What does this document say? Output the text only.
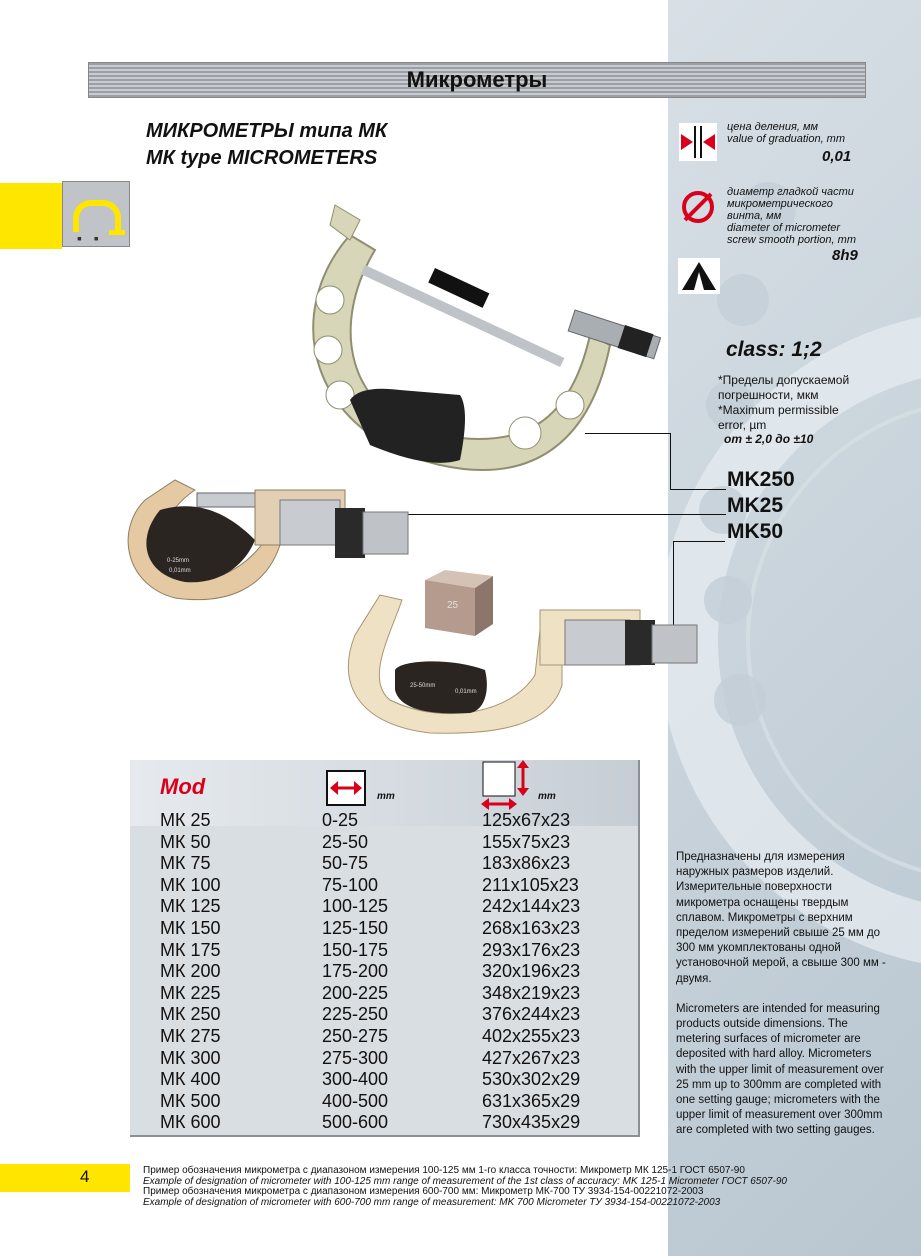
Микрометры
МИКРОМЕТРЫ типа МК
МК type MICROMETERS
▪ ▪
цена деления, мм
value of graduation, mm
0,01
диаметр гладкой части микрометрического винта, мм
diameter of micrometer screw smooth portion, mm
8h9
class: 1;2
*Пределы допускаемой погрешности, мкм
*Maximum permissible error, µm
от ± 2,0 до ±10
MK250
MK25
MK50
0-25mm
0,01mm
25
25-50mm
0,01mm
Mod	mm	mm
МК 25	0-25	125x67x23
МК 50	25-50	155x75x23
МК 75	50-75	183x86x23
МК 100	75-100	211x105x23
МК 125	100-125	242x144x23
МК 150	125-150	268x163x23
МК 175	150-175	293x176x23
МК 200	175-200	320x196x23
МК 225	200-225	348x219x23
МК 250	225-250	376x244x23
МК 275	250-275	402x255x23
МК 300	275-300	427x267x23
МК 400	300-400	530x302x29
МК 500	400-500	631x365x29
МК 600	500-600	730x435x29
Предназначены для измерения наружных размеров изделий. Измерительные поверхности микрометра оснащены твердым сплавом. Микрометры с верхним пределом измерений свыше 25 мм до 300 мм укомплектованы одной установочной мерой, а свыше 300 мм - двумя.
Micrometers are intended for measuring products outside dimensions. The metering surfaces of micrometer are deposited with hard alloy. Micrometers with the upper limit of measurement over 25 mm up to 300mm are completed with one setting gauge; micrometers with the upper limit of measurement over 300mm are completed with two setting gauges.
4	Пример обозначения микрометра с диапазоном измерения 100-125 мм 1-го класса точности: Микрометр МК 125-1 ГОСТ 6507-90
Example of designation of micrometer with 100-125 mm range of measurement of the 1st class of accuracy: MK 125-1 Micrometer ГОСТ 6507-90
Пример обозначения микрометра с диапазоном измерения 600-700 мм: Микрометр МК-700 ТУ 3934-154-00221072-2003
Example of designation of micrometer with 600-700 mm range of measurement: MK 700 Micrometer ТУ 3934-154-00221072-2003
